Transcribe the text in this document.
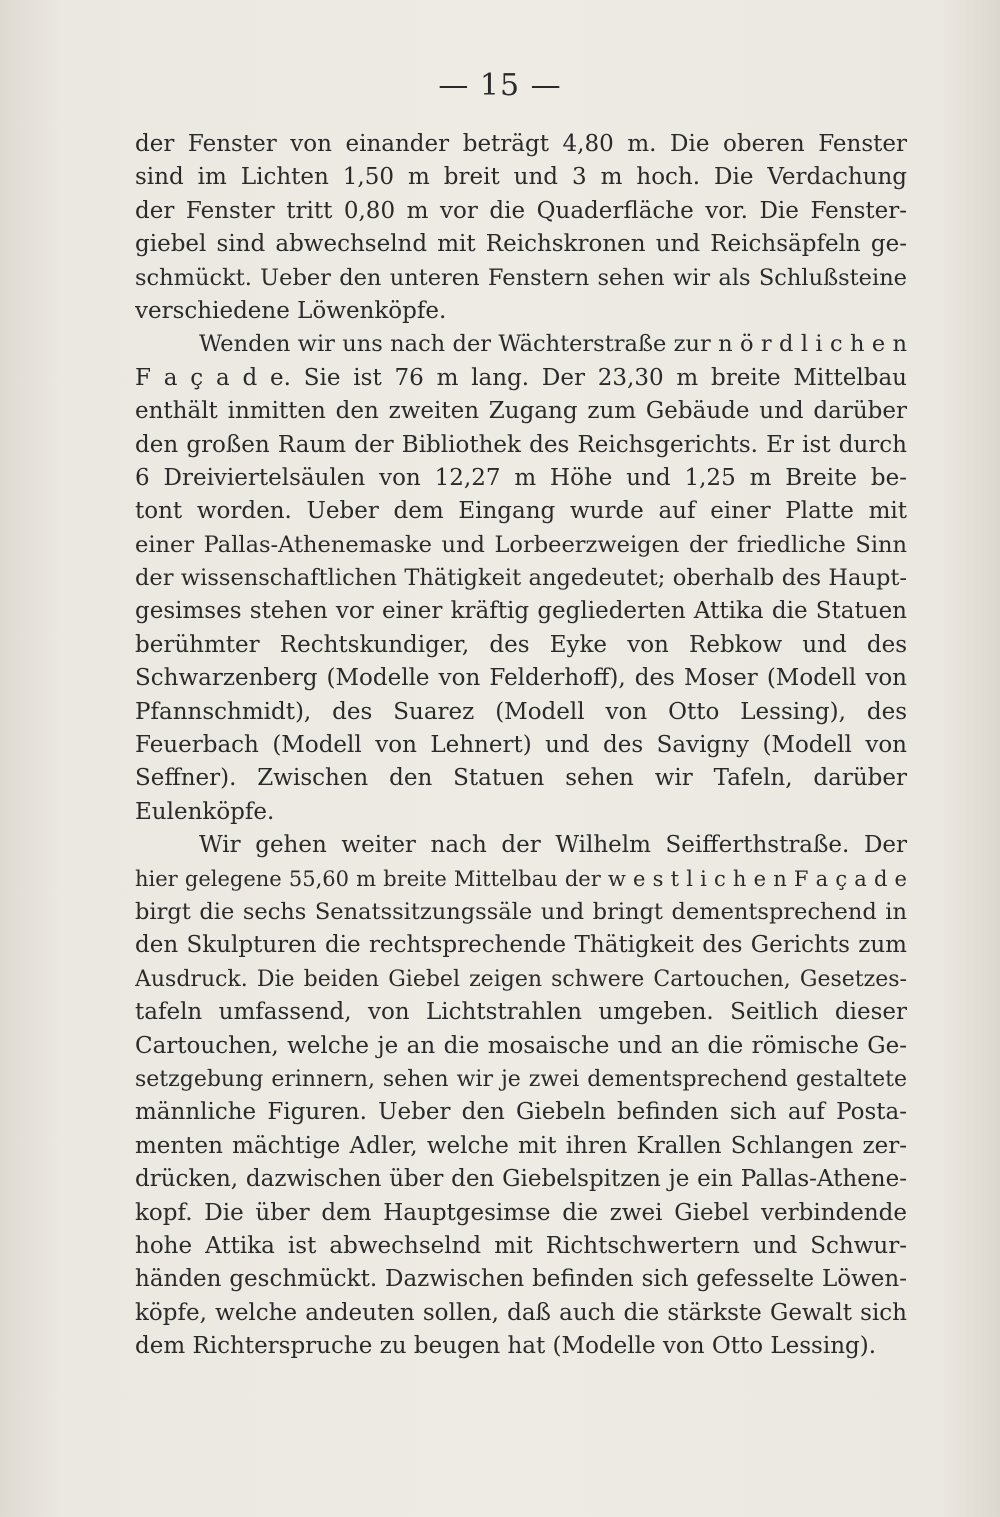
— 15 —
der Fenster von einander beträgt 4,80 m. Die oberen Fenster
sind im Lichten 1,50 m breit und 3 m hoch. Die Verdachung
der Fenster tritt 0,80 m vor die Quaderfläche vor. Die Fenster-
giebel sind abwechselnd mit Reichskronen und Reichsäpfeln ge-
schmückt. Ueber den unteren Fenstern sehen wir als Schlußsteine
verschiedene Löwenköpfe.
Wenden wir uns nach der Wächterstraße zur n ö r d l i c h e n
F a ç a d e. Sie ist 76 m lang. Der 23,30 m breite Mittelbau
enthält inmitten den zweiten Zugang zum Gebäude und darüber
den großen Raum der Bibliothek des Reichsgerichts. Er ist durch
6 Dreiviertelsäulen von 12,27 m Höhe und 1,25 m Breite be-
tont worden. Ueber dem Eingang wurde auf einer Platte mit
einer Pallas-Athenemaske und Lorbeerzweigen der friedliche Sinn
der wissenschaftlichen Thätigkeit angedeutet; oberhalb des Haupt-
gesimses stehen vor einer kräftig gegliederten Attika die Statuen
berühmter Rechtskundiger, des Eyke von Rebkow und des
Schwarzenberg (Modelle von Felderhoff), des Moser (Modell von
Pfannschmidt), des Suarez (Modell von Otto Lessing), des
Feuerbach (Modell von Lehnert) und des Savigny (Modell von
Seffner). Zwischen den Statuen sehen wir Tafeln, darüber
Eulenköpfe.
Wir gehen weiter nach der Wilhelm Seifferthstraße. Der
hier gelegene 55,60 m breite Mittelbau der w e s t l i c h e n F a ç a d e
birgt die sechs Senatssitzungssäle und bringt dementsprechend in
den Skulpturen die rechtsprechende Thätigkeit des Gerichts zum
Ausdruck. Die beiden Giebel zeigen schwere Cartouchen, Gesetzes-
tafeln umfassend, von Lichtstrahlen umgeben. Seitlich dieser
Cartouchen, welche je an die mosaische und an die römische Ge-
setzgebung erinnern, sehen wir je zwei dementsprechend gestaltete
männliche Figuren. Ueber den Giebeln befinden sich auf Posta-
menten mächtige Adler, welche mit ihren Krallen Schlangen zer-
drücken, dazwischen über den Giebelspitzen je ein Pallas-Athene-
kopf. Die über dem Hauptgesimse die zwei Giebel verbindende
hohe Attika ist abwechselnd mit Richtschwertern und Schwur-
händen geschmückt. Dazwischen befinden sich gefesselte Löwen-
köpfe, welche andeuten sollen, daß auch die stärkste Gewalt sich
dem Richterspruche zu beugen hat (Modelle von Otto Lessing).
